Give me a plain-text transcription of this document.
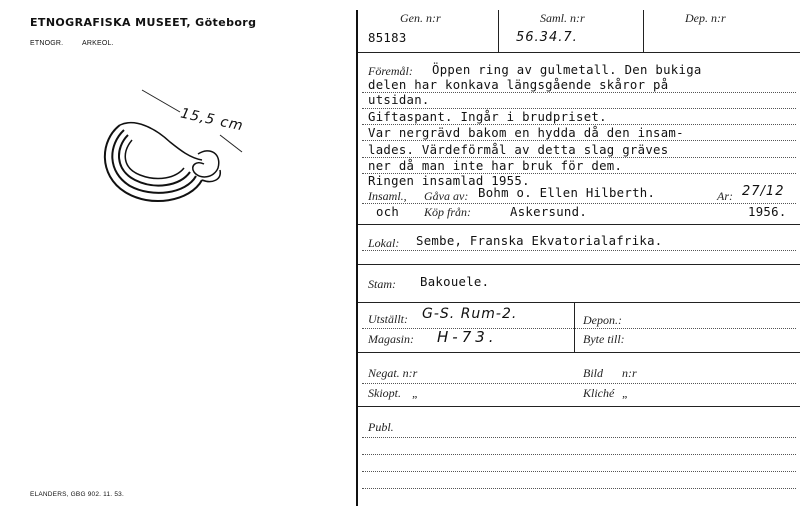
ETNOGRAFISKA MUSEET, Göteborg
ETNOGR.	ARKEOL.
ELANDERS, GBG 902. 11. 53.
15,5 cm
Gen. n:r	Saml. n:r	Dep. n:r
85183	56.34.7.
Föremål: Öppen ring av gulmetall. Den bukiga
delen har konkava längsgående skåror på
utsidan.
Giftaspant. Ingår i brudpriset.
Var nergrävd bakom en hydda då den insam-
lades. Värdeförmål av detta slag gräves
ner då man inte har bruk för dem.
Ringen insamlad 1955.
Insaml., Gåva av: Bohm o. Ellen Hilberth.	Ar: 27/12
och Köp från:	Askersund.	1956.
Lokal: Sembe, Franska Ekvatorialafrika.
Stam: Bakouele.
Utställt: G-S. Rum-2.
Magasin: H-73.
Depon.:
Byte till:
Negat. n:r	Bild n:r
Skiopt. „	Kliché „
Publ.
